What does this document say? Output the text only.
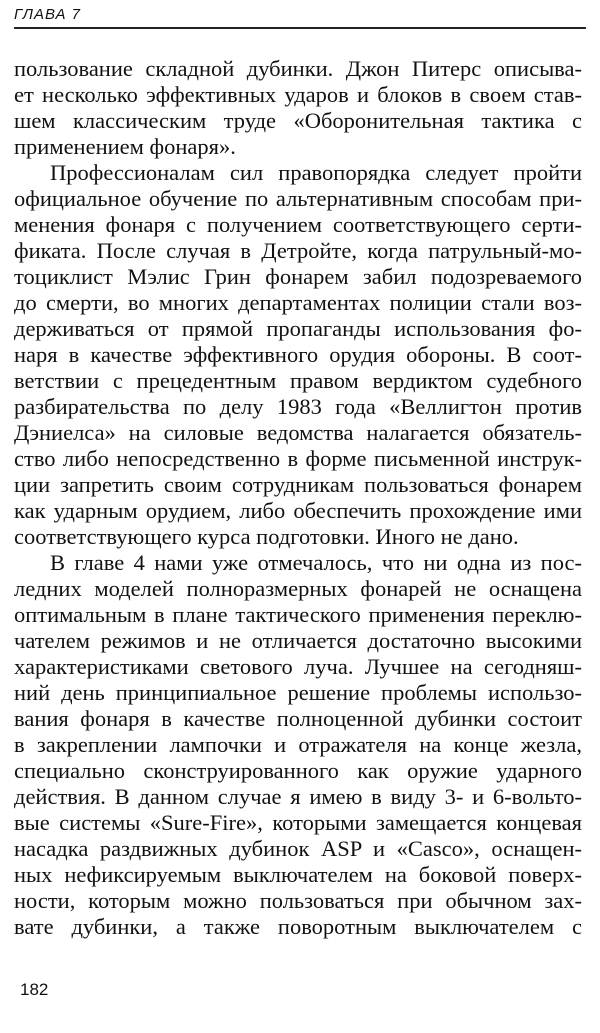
ГЛАВА 7
пользование складной дубинки. Джон Питерс описыва-
ет несколько эффективных ударов и блоков в своем став-
шем классическим труде «Оборонительная тактика с
применением фонаря».
Профессионалам сил правопорядка следует пройти
официальное обучение по альтернативным способам при-
менения фонаря с получением соответствующего серти-
фиката. После случая в Детройте, когда патрульный-мо-
тоциклист Мэлис Грин фонарем забил подозреваемого
до смерти, во многих департаментах полиции стали воз-
держиваться от прямой пропаганды использования фо-
наря в качестве эффективного орудия обороны. В соот-
ветствии с прецедентным правом вердиктом судебного
разбирательства по делу 1983 года «Веллигтон против
Дэниелса» на силовые ведомства налагается обязатель-
ство либо непосредственно в форме письменной инструк-
ции запретить своим сотрудникам пользоваться фонарем
как ударным орудием, либо обеспечить прохождение ими
соответствующего курса подготовки. Иного не дано.
В главе 4 нами уже отмечалось, что ни одна из пос-
ледних моделей полноразмерных фонарей не оснащена
оптимальным в плане тактического применения переклю-
чателем режимов и не отличается достаточно высокими
характеристиками светового луча. Лучшее на сегодняш-
ний день принципиальное решение проблемы использо-
вания фонаря в качестве полноценной дубинки состоит
в закреплении лампочки и отражателя на конце жезла,
специально сконструированного как оружие ударного
действия. В данном случае я имею в виду 3- и 6-вольто-
вые системы «Sure-Fire», которыми замещается концевая
насадка раздвижных дубинок ASP и «Casco», оснащен-
ных нефиксируемым выключателем на боковой поверх-
ности, которым можно пользоваться при обычном зах-
вате дубинки, а также поворотным выключателем с
182
